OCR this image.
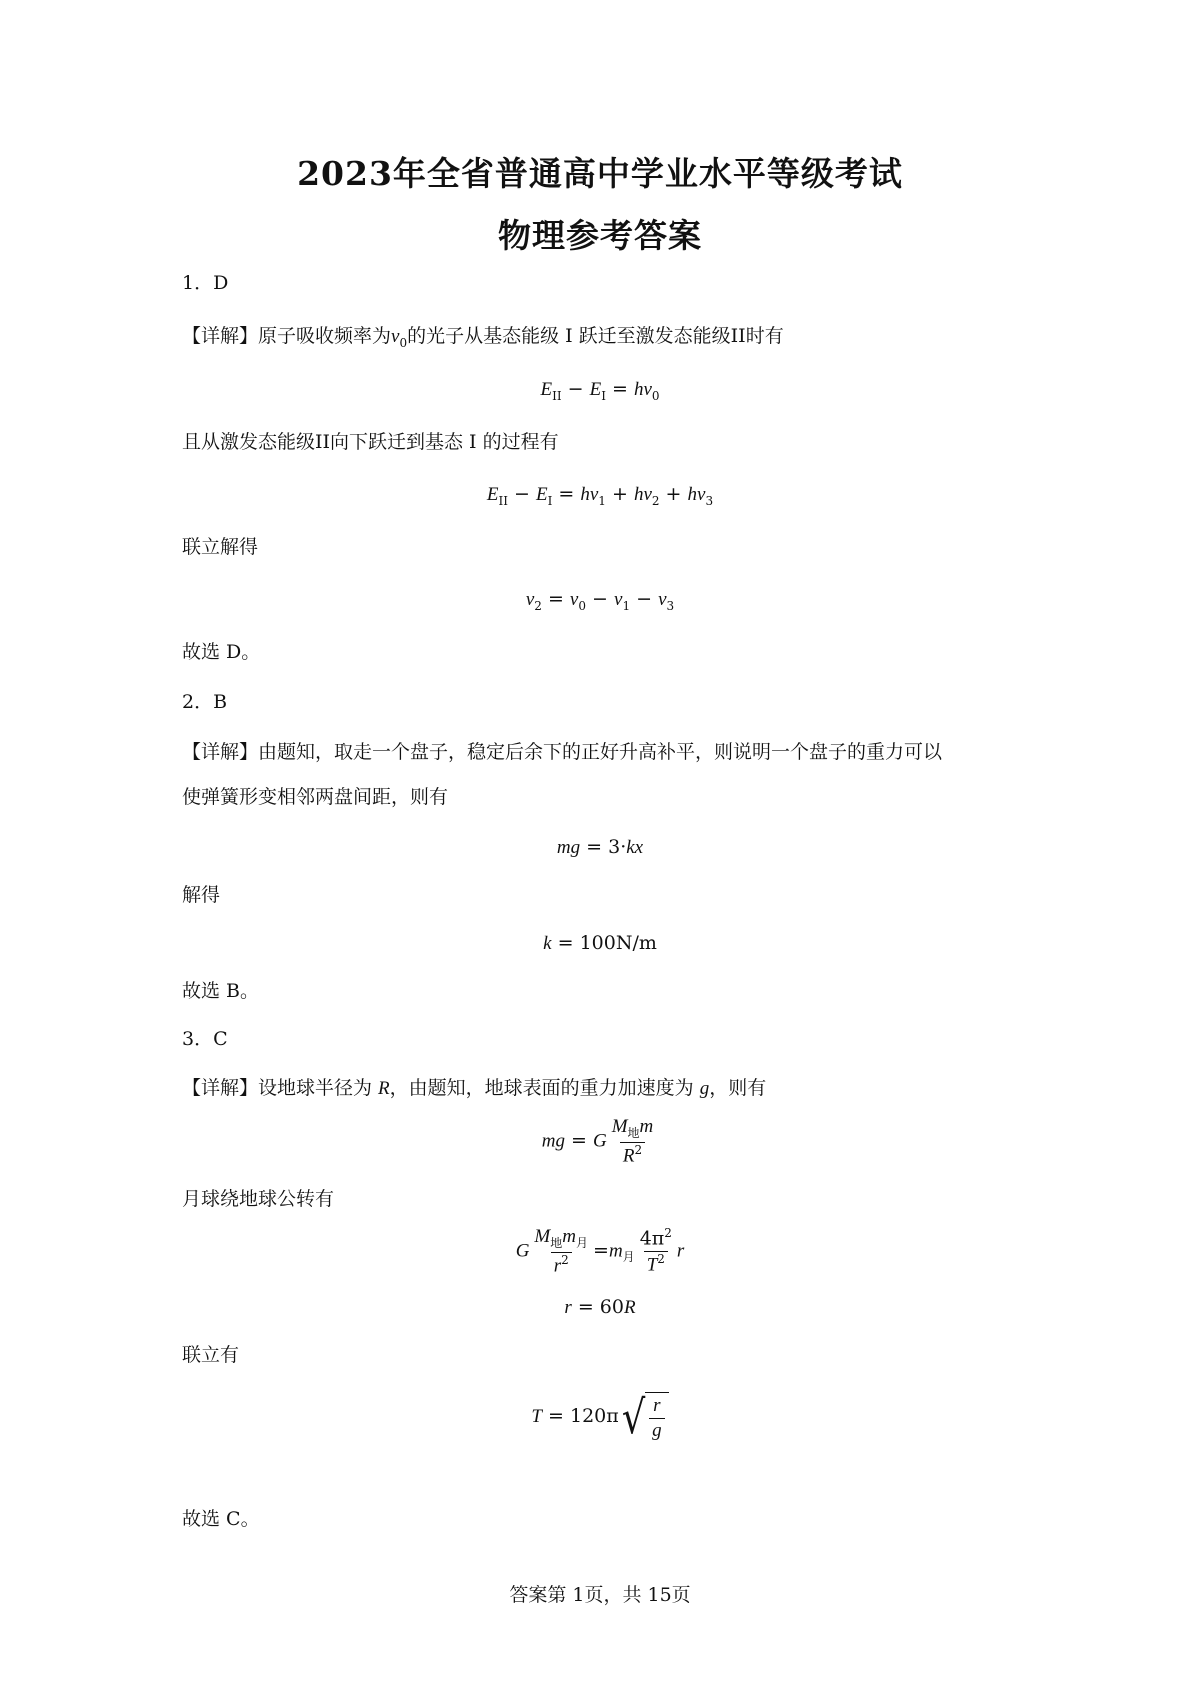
2023年全省普通高中学业水平等级考试
物理参考答案
1．D
【详解】原子吸收频率为$\nu_0$的光子从基态能级 I 跃迁至激发态能级II时有
$E_{II} - E_I = h\nu_0$
且从激发态能级II向下跃迁到基态 I 的过程有
$E_{II} - E_I = h\nu_1 + h\nu_2 + h\nu_3$
联立解得
$\nu_2 = \nu_0 - \nu_1 - \nu_3$
故选 D。
2．B
【详解】由题知，取走一个盘子，稳定后余下的正好升高补平，则说明一个盘子的重力可以
使弹簧形变相邻两盘间距，则有
mg = 3·kx
解得
k = 100N/m
故选 B。
3．C
【详解】设地球半径为 R，由题知，地球表面的重力加速度为 g，则有
mg = G $\frac{M_地m}{R^2}$
月球绕地球公转有
G $\frac{M_地m_月}{r^2} =m_月 \frac{4\pi^2}{T^2}$ r
r = 60R
联立有
T = 120π √ $\frac{r}{g}$
故选 C。
答案第 1页，共 15页
